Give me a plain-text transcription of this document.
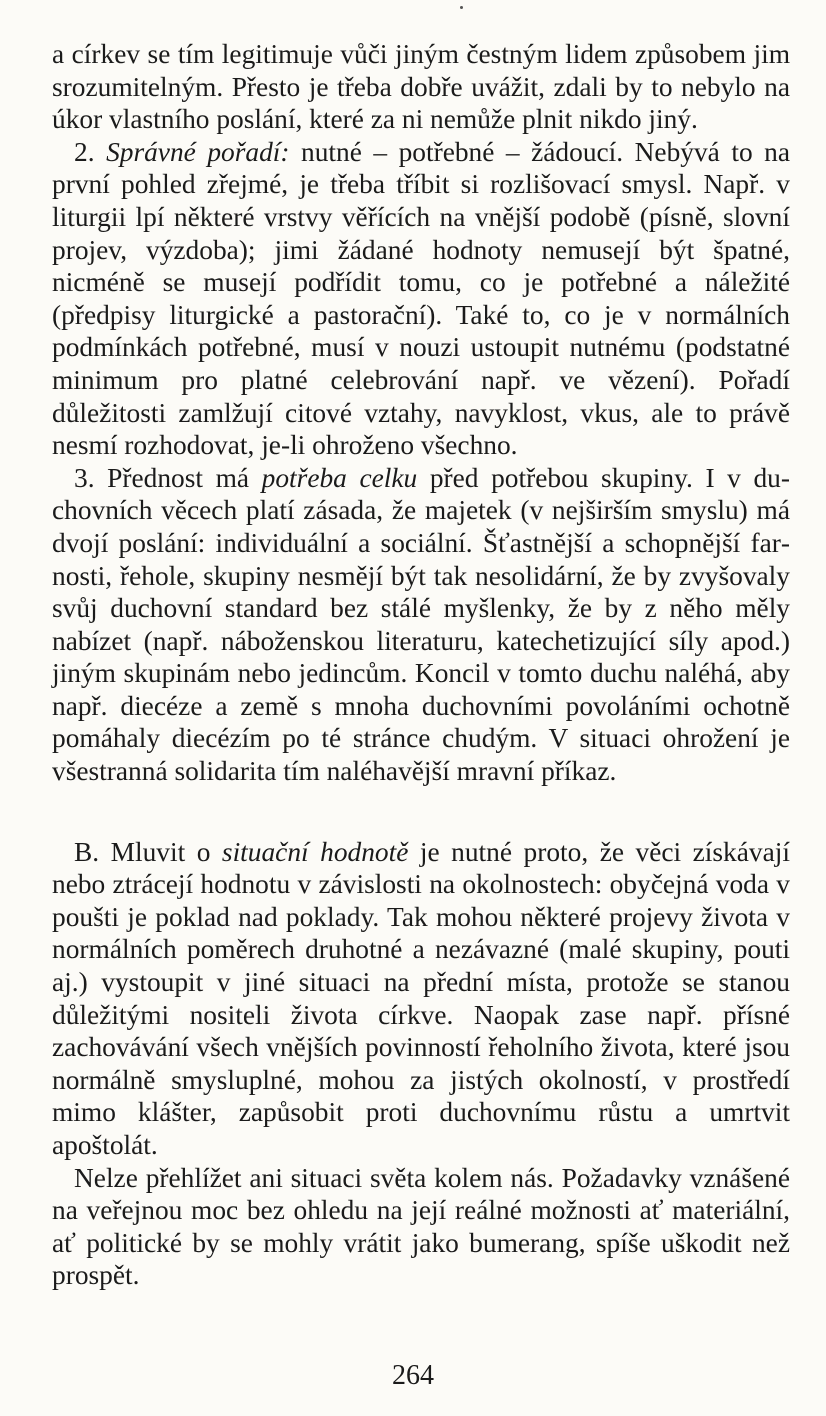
a církev se tím legitimuje vůči jiným čestným lidem způsobem jim srozumitelným. Přesto je třeba dobře uvážit, zdali by to nebylo na úkor vlastního poslání, které za ni nemůže plnit nikdo jiný.

2. Správné pořadí: nutné – potřebné – žádoucí. Nebývá to na první pohled zřejmé, je třeba tříbit si rozlišovací smysl. Např. v liturgii lpí některé vrstvy věřících na vnější podobě (písně, slovní projev, výzdoba); jimi žádané hodnoty nemusejí být špatné, nicméně se musejí podřídit tomu, co je potřebné a náležité (předpisy liturgické a pastorační). Také to, co je v normálních podmínkách potřebné, musí v nouzi ustoupit nutnému (podstatné minimum pro platné celebrování např. ve vězení). Pořadí důležitosti zamlžují citové vztahy, navyklost, vkus, ale to právě nesmí rozhodovat, je-li ohroženo všechno.

3. Přednost má potřeba celku před potřebou skupiny. I v duchovních věcech platí zásada, že majetek (v nejširším smyslu) má dvojí poslání: individuální a sociální. Šťastnější a schopnější farnosti, řehole, skupiny nesmějí být tak nesolidární, že by zvyšovaly svůj duchovní standard bez stálé myšlenky, že by z něho měly nabízet (např. náboženskou literaturu, katechetizující síly apod.) jiným skupinám nebo jedincům. Koncil v tomto duchu naléhá, aby např. diecéze a země s mnoha duchovními povoláními ochotně pomáhaly diecézím po té stránce chudým. V situaci ohrožení je všestranná solidarita tím naléhavější mravní příkaz.

B. Mluvit o situační hodnotě je nutné proto, že věci získávají nebo ztrácejí hodnotu v závislosti na okolnostech: obyčejná voda v poušti je poklad nad poklady. Tak mohou některé projevy života v normálních poměrech druhotné a nezávazné (malé skupiny, pouti aj.) vystoupit v jiné situaci na přední místa, protože se stanou důležitými nositeli života církve. Naopak zase např. přísné zachovávání všech vnějších povinností řeholního života, které jsou normálně smysluplné, mohou za jistých okolností, v prostředí mimo klášter, zapůsobit proti duchovnímu růstu a umrtvit apoštolát.

Nelze přehlížet ani situaci světa kolem nás. Požadavky vznášené na veřejnou moc bez ohledu na její reálné možnosti ať materiální, ať politické by se mohly vrátit jako bumerang, spíše uškodit než prospět.

264
